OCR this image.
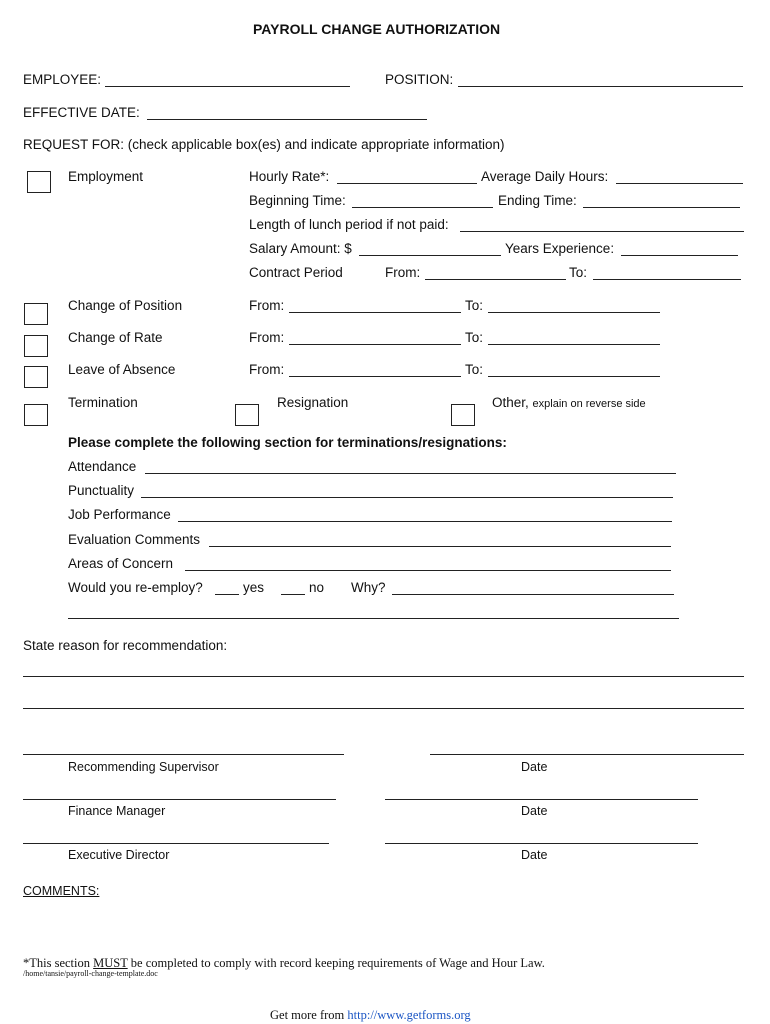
PAYROLL CHANGE AUTHORIZATION
EMPLOYEE:	POSITION:
EFFECTIVE DATE:
REQUEST FOR: (check applicable box(es) and indicate appropriate information)
Employment	Hourly Rate*:	Average Daily Hours:
Beginning Time:	Ending Time:
Length of lunch period if not paid:
Salary Amount: $	Years Experience:
Contract Period	From:	To:
Change of Position	From:	To:
Change of Rate	From:	To:
Leave of Absence	From:	To:
Termination	Resignation	Other, explain on reverse side
Please complete the following section for terminations/resignations:
Attendance
Punctuality
Job Performance
Evaluation Comments
Areas of Concern
Would you re-employ?	yes	no Why?
State reason for recommendation:
Recommending Supervisor	Date
Finance Manager	Date
Executive Director	Date
COMMENTS:
*This section MUST be completed to comply with record keeping requirements of Wage and Hour Law.
/home/tansie/payroll-change-template.doc
Get more from http://www.getforms.org
